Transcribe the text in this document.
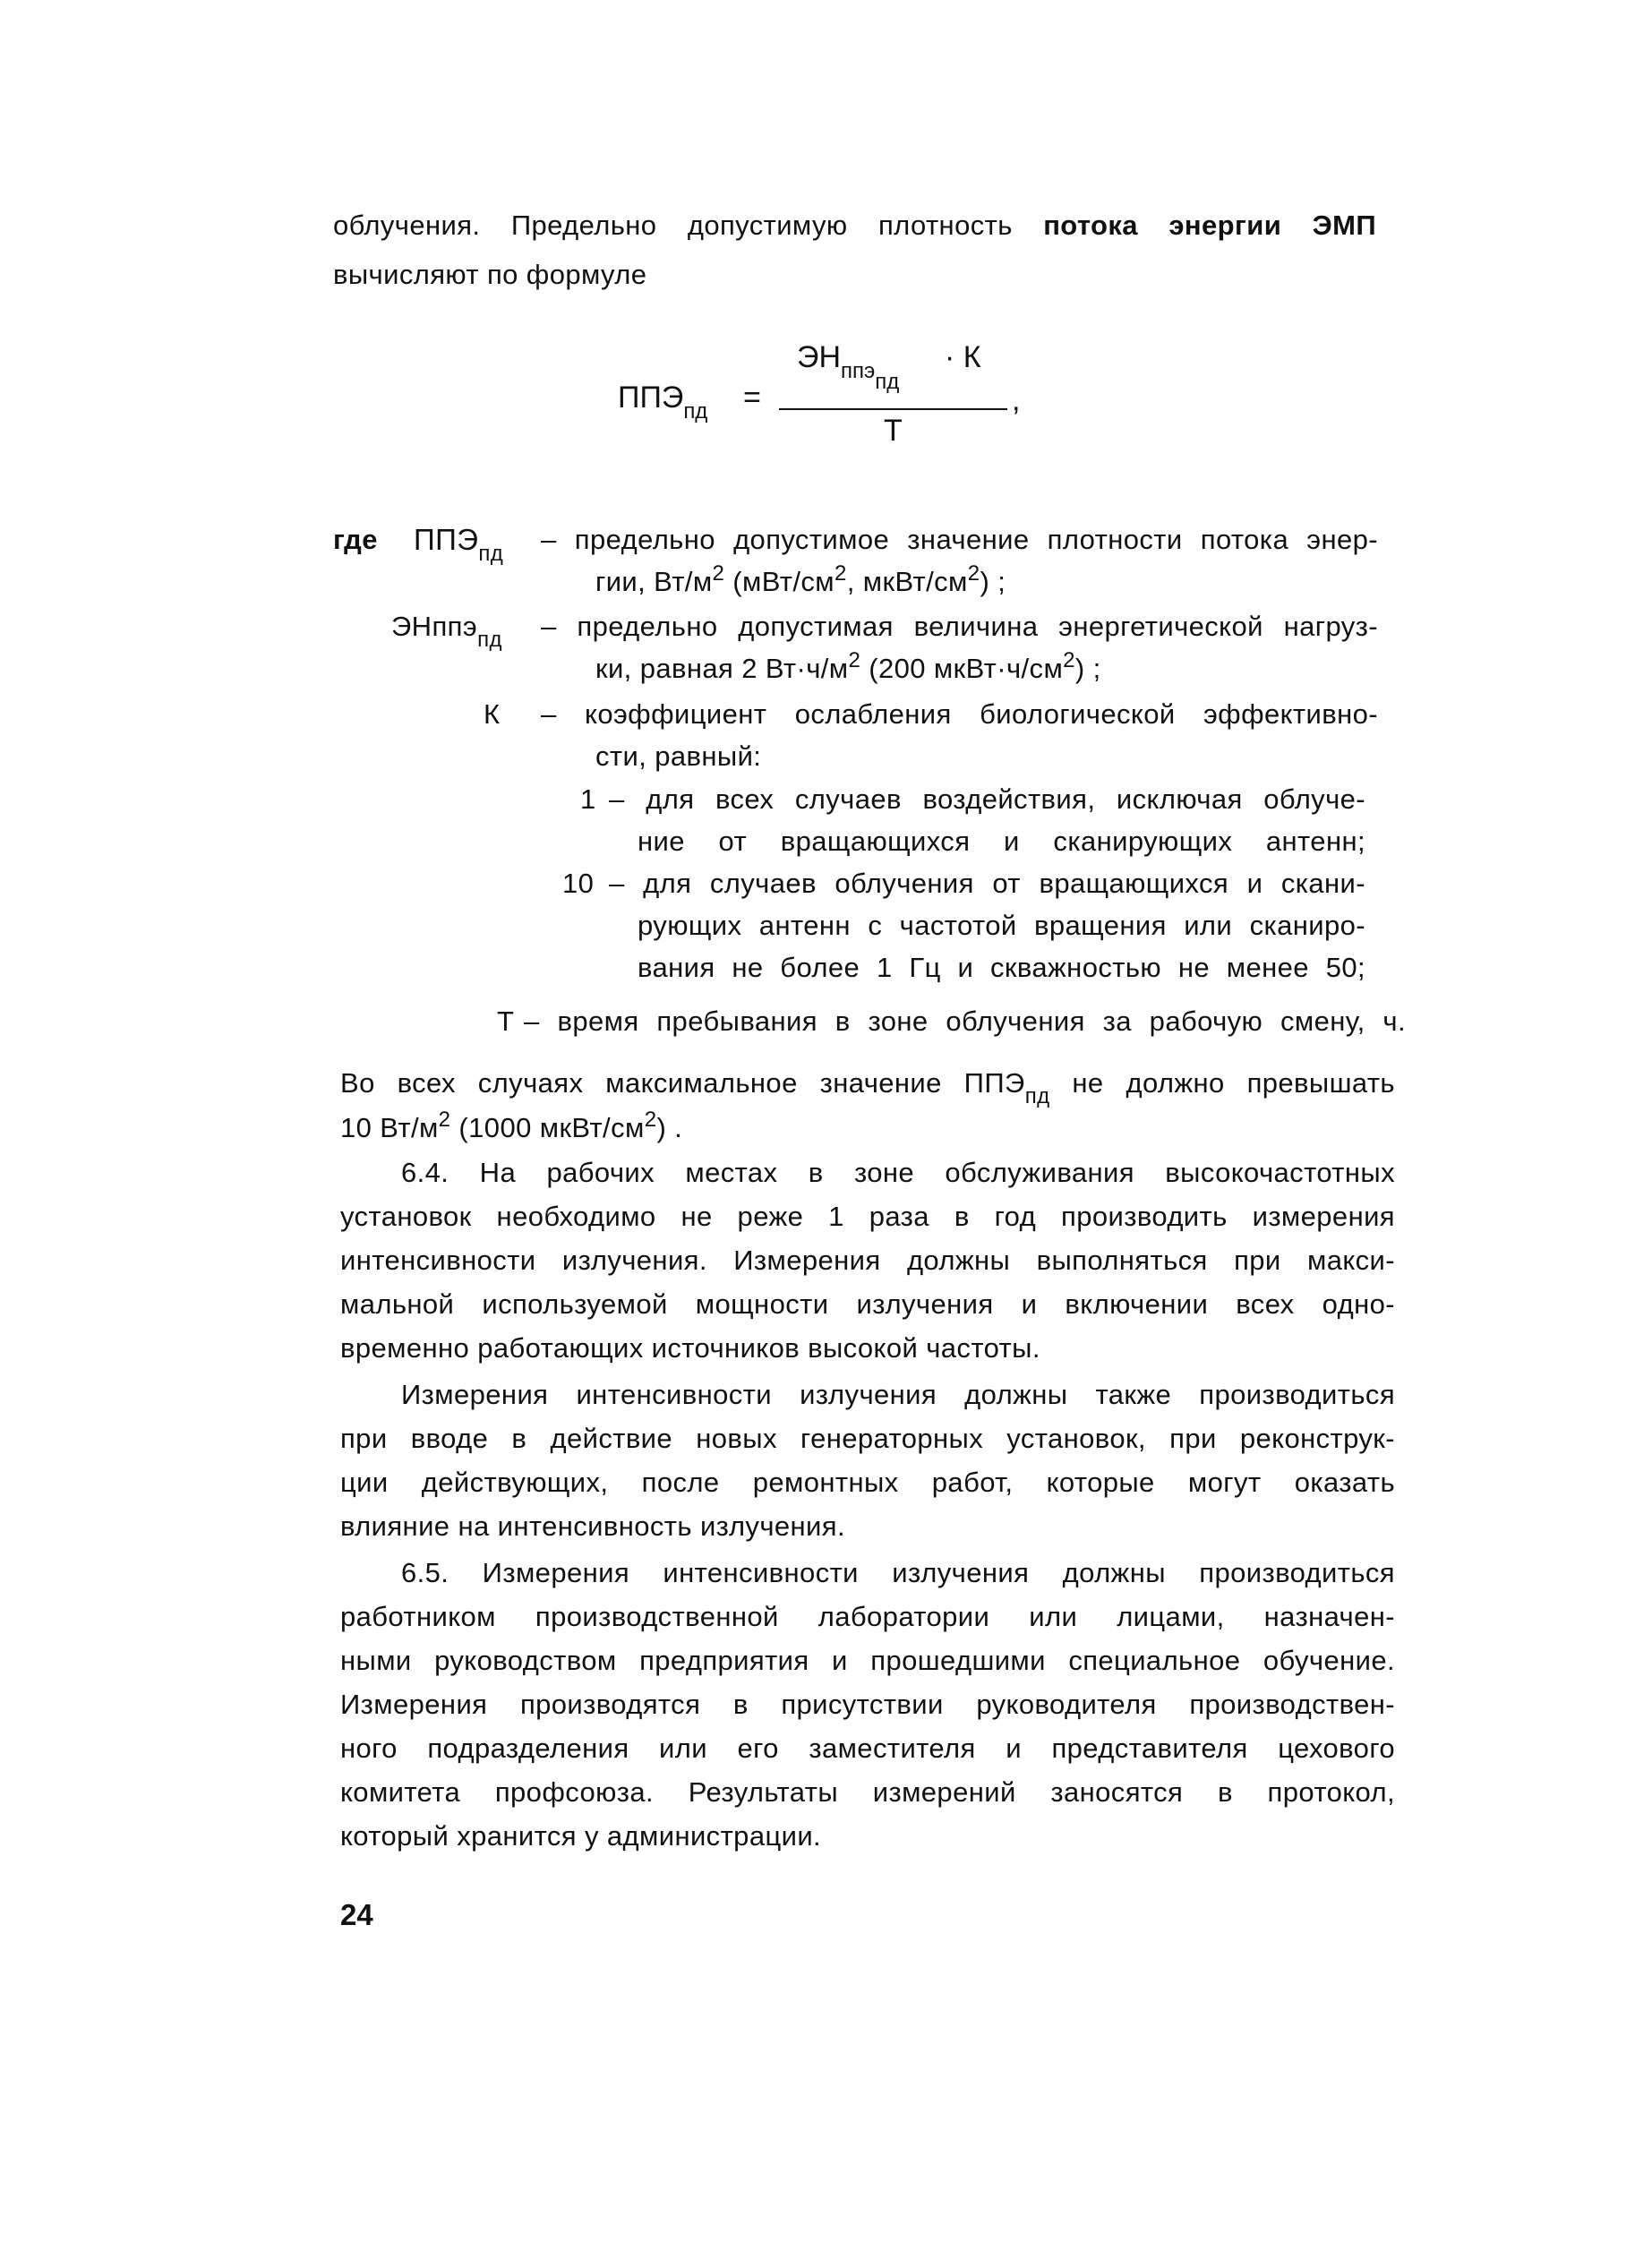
облучения. Предельно допустимую плотность потока энергии ЭМП
вычисляют по формуле
$ППЭ_{пд}$ =
$ЭН_{ппэ_{пд}}$
· К
,
Т
где $ППЭ_{пд}$ – предельно допустимое значение плотности потока энер-
гии, $Вт/м^2$ ($мВт/см^2$, мкВт/$см^2$) ;
ЭНппэ$_{пд}$ – предельно допустимая величина энергетической нагруз-
ки, равная 2 $Вт\cdot ч/м^2$ (200 $мкВт\cdot ч/см^2$) ;
К – коэффициент ослабления биологической эффективно-
сти, равный:
1 – для всех случаев воздействия, исключая облуче-
ние от вращающихся и сканирующих антенн;
10 – для случаев облучения от вращающихся и скани-
рующих антенн с частотой вращения или сканиро-
вания не более 1 Гц и скважностью не менее 50;
Т – время пребывания в зоне облучения за рабочую смену, ч.
Во всех случаях максимальное значение $ППЭ_{пд}$ не должно превышать
10 $Вт/м^2$ (1000 мкВт/$см^2$) .
6.4. На рабочих местах в зоне обслуживания высокочастотных
установок необходимо не реже 1 раза в год производить измерения
интенсивности излучения. Измерения должны выполняться при макси-
мальной используемой мощности излучения и включении всех одно-
временно работающих источников высокой частоты.
Измерения интенсивности излучения должны также производиться
при вводе в действие новых генераторных установок, при реконструк-
ции действующих, после ремонтных работ, которые могут оказать
влияние на интенсивность излучения.
6.5. Измерения интенсивности излучения должны производиться
работником производственной лаборатории или лицами, назначен-
ными руководством предприятия и прошедшими специальное обучение.
Измерения производятся в присутствии руководителя производствен-
ного подразделения или его заместителя и представителя цехового
комитета профсоюза. Результаты измерений заносятся в протокол,
который хранится у администрации.
24
